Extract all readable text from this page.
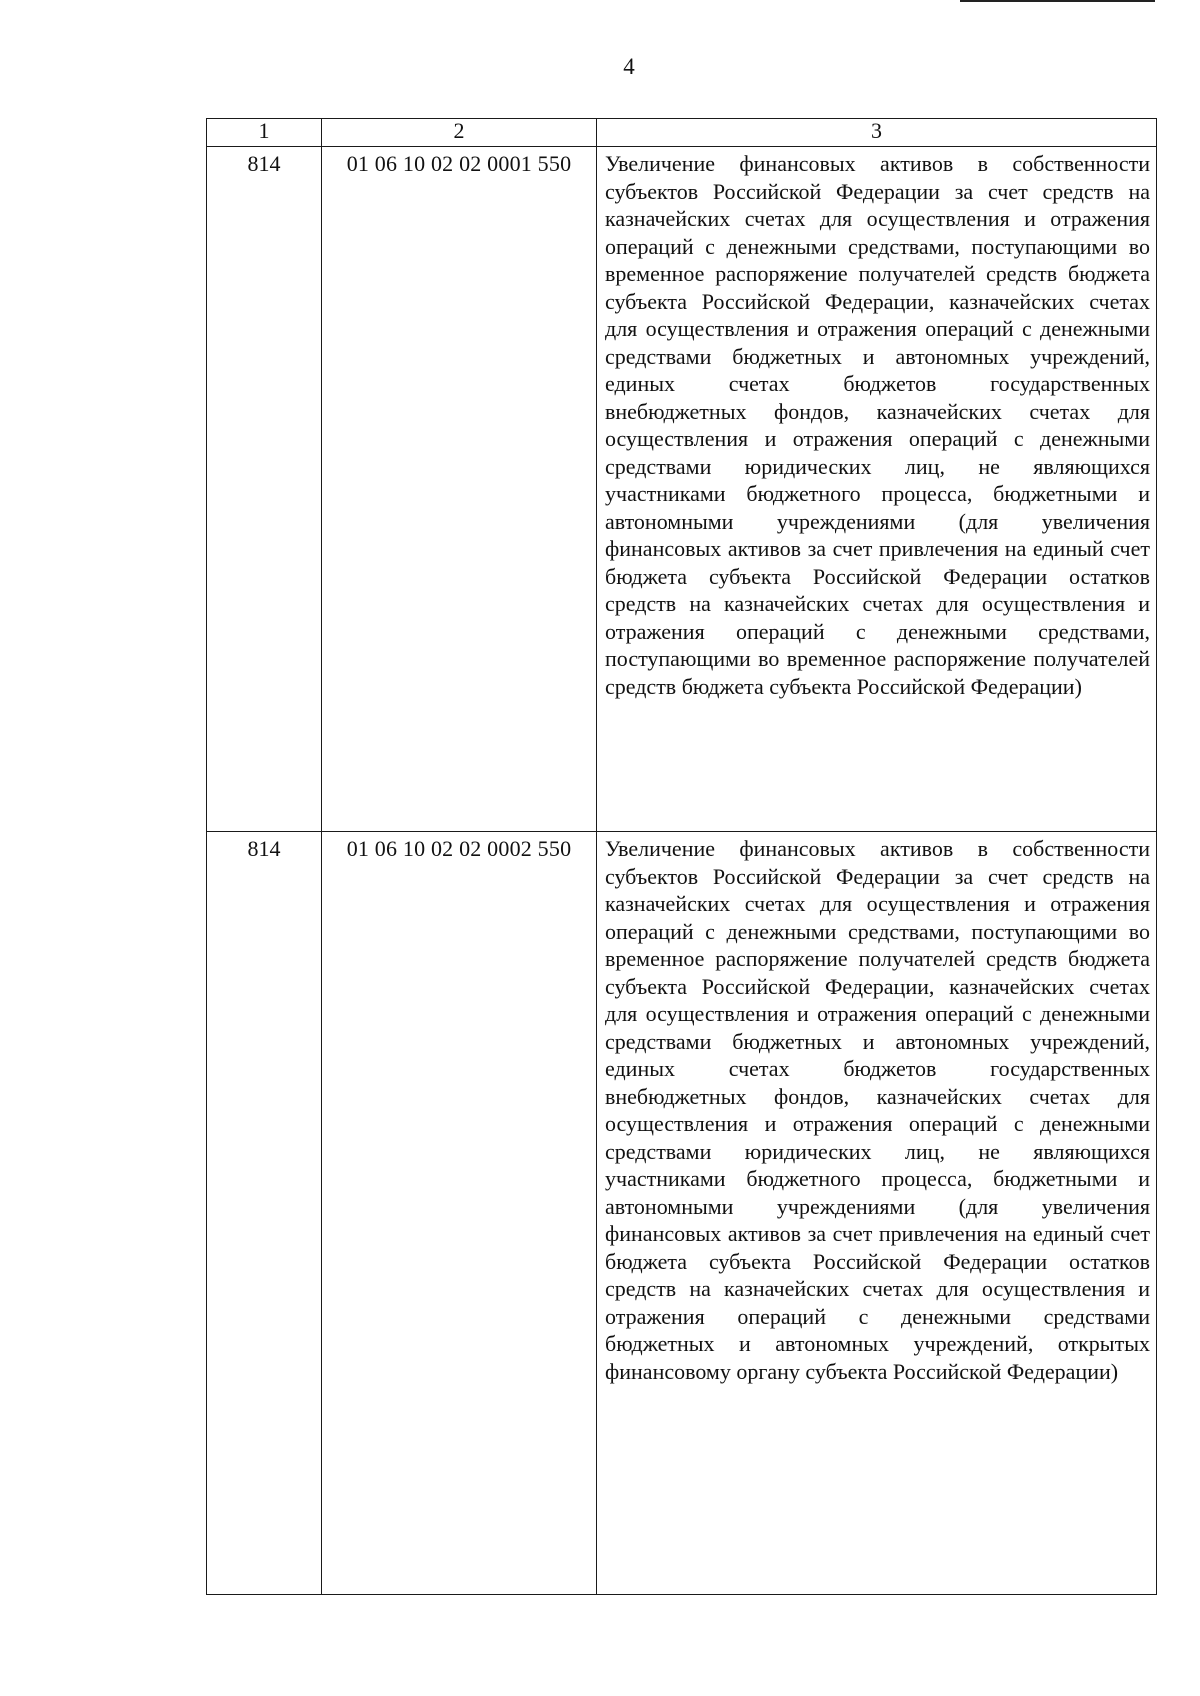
4
1	2	3
814	01 06 10 02 02 0001 550	Увеличение финансовых активов в собственности субъектов Российской Федерации за счет средств на казначейских счетах для осуществления и отражения операций с денежными средствами, поступающими во временное распоряжение получателей средств бюджета субъекта Российской Федерации, казначейских счетах для осуществления и отражения операций с денежными средствами бюджетных и автономных учреждений, единых счетах бюджетов государственных внебюджетных фондов, казначейских счетах для осуществления и отражения операций с денежными средствами юридических лиц, не являющихся участниками бюджетного процесса, бюджетными и автономными учреждениями (для увеличения финансовых активов за счет привлечения на единый счет бюджета субъекта Российской Федерации остатков средств на казначейских счетах для осуществления и отражения операций с денежными средствами, поступающими во временное распоряжение получателей средств бюджета субъекта Российской Федерации)
814	01 06 10 02 02 0002 550	Увеличение финансовых активов в собственности субъектов Российской Федерации за счет средств на казначейских счетах для осуществления и отражения операций с денежными средствами, поступающими во временное распоряжение получателей средств бюджета субъекта Российской Федерации, казначейских счетах для осуществления и отражения операций с денежными средствами бюджетных и автономных учреждений, единых счетах бюджетов государственных внебюджетных фондов, казначейских счетах для осуществления и отражения операций с денежными средствами юридических лиц, не являющихся участниками бюджетного процесса, бюджетными и автономными учреждениями (для увеличения финансовых активов за счет привлечения на единый счет бюджета субъекта Российской Федерации остатков средств на казначейских счетах для осуществления и отражения операций с денежными средствами бюджетных и автономных учреждений, открытых финансовому органу субъекта Российской Федерации)
